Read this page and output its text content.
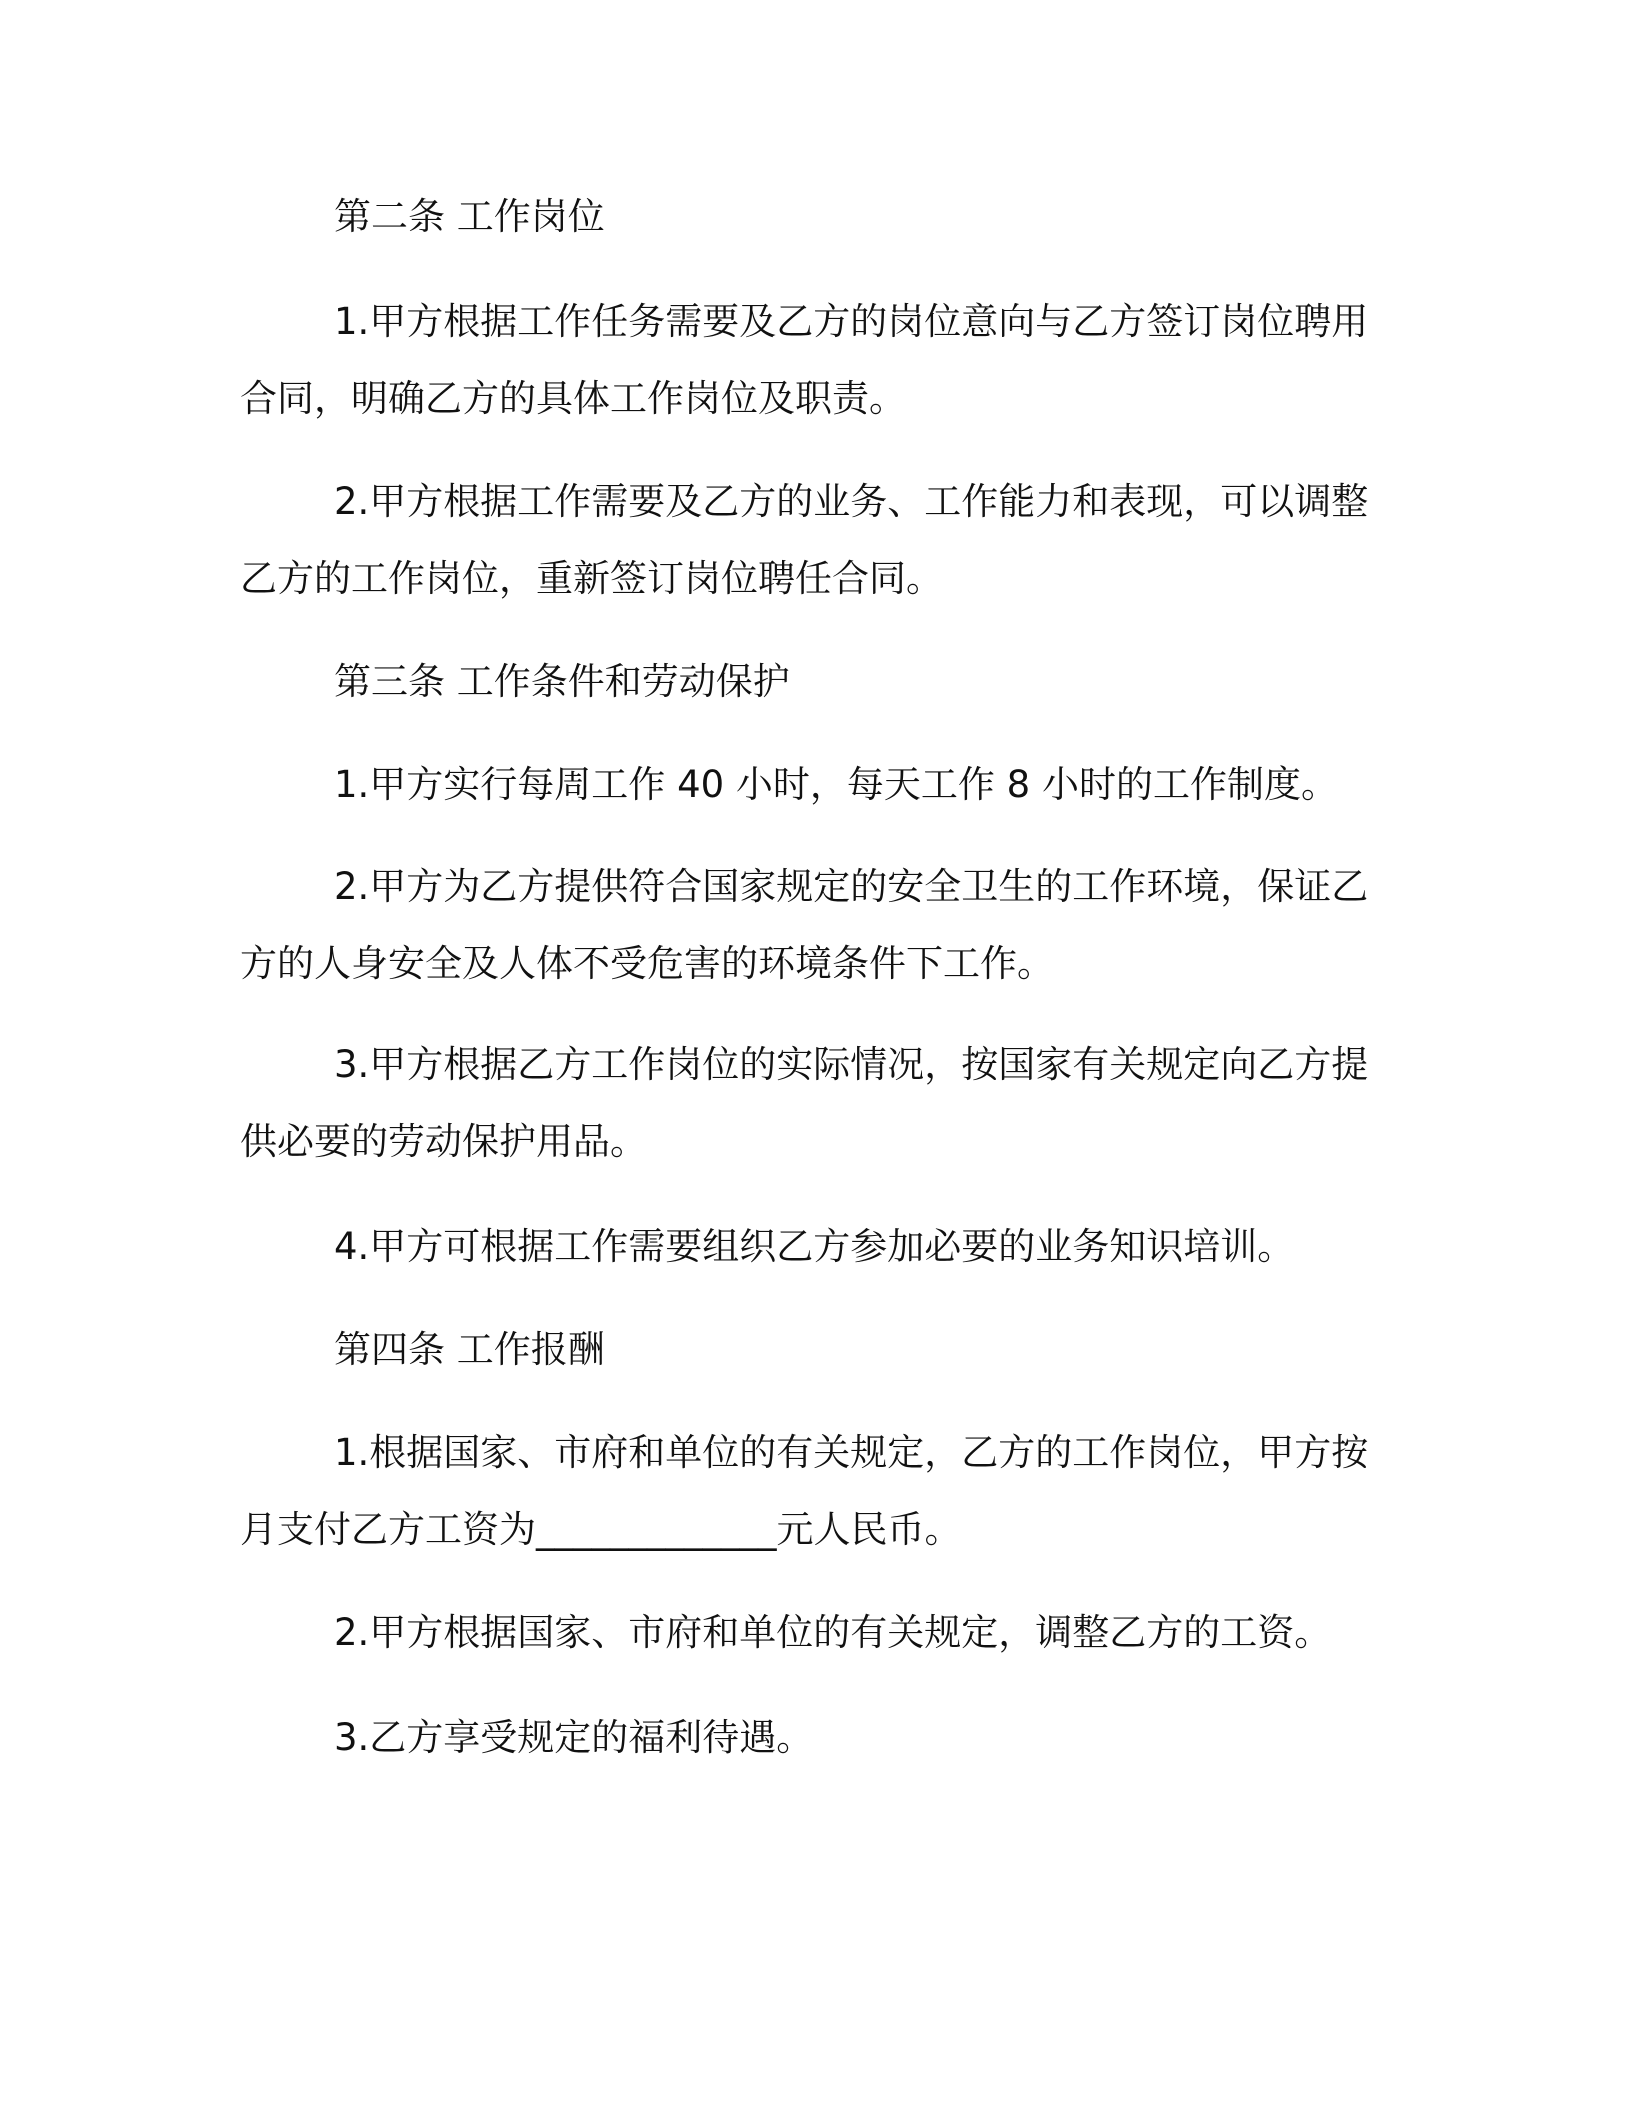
第二条 工作岗位

1.甲方根据工作任务需要及乙方的岗位意向与乙方签订岗位聘用
合同，明确乙方的具体工作岗位及职责。
2.甲方根据工作需要及乙方的业务、工作能力和表现，可以调整
乙方的工作岗位，重新签订岗位聘任合同。

第三条 工作条件和劳动保护

1.甲方实行每周工作 40 小时，每天工作 8 小时的工作制度。
2.甲方为乙方提供符合国家规定的安全卫生的工作环境，保证乙
方的人身安全及人体不受危害的环境条件下工作。
3.甲方根据乙方工作岗位的实际情况，按国家有关规定向乙方提
供必要的劳动保护用品。
4.甲方可根据工作需要组织乙方参加必要的业务知识培训。

第四条 工作报酬

1.根据国家、市府和单位的有关规定，乙方的工作岗位，甲方按
月支付乙方工资为_____________元人民币。
2.甲方根据国家、市府和单位的有关规定，调整乙方的工资。
3.乙方享受规定的福利待遇。
